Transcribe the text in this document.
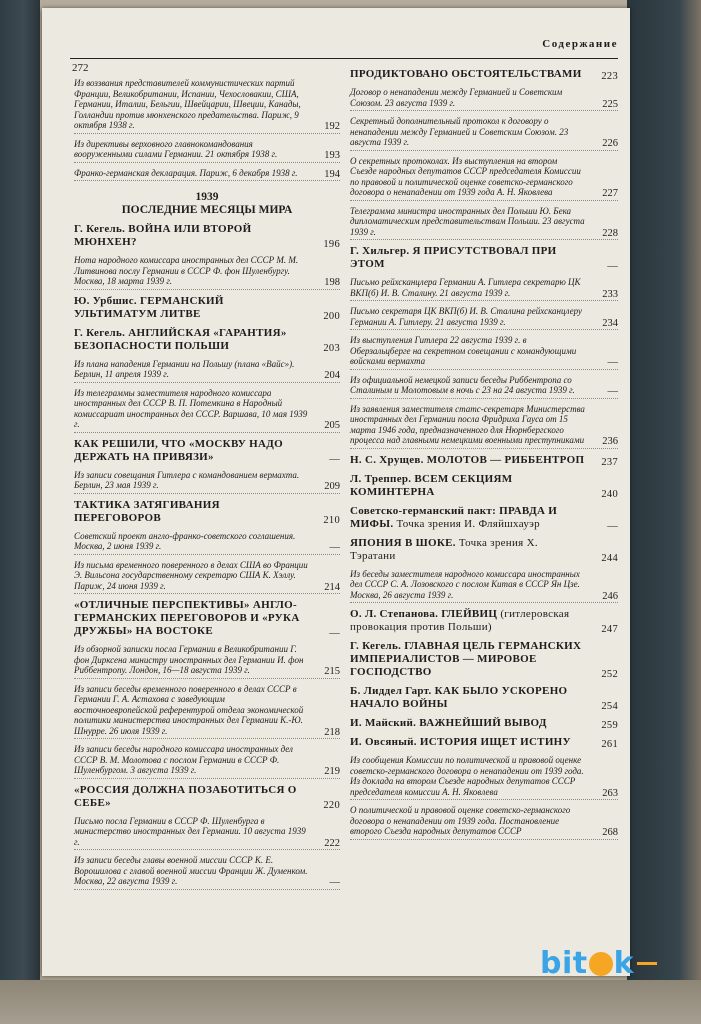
Содержание
272
Из воззвания представителей коммунистических партий Франции, Великобритании, Испании, Чехословакии, США, Германии, Италии, Бельгии, Швейцарии, Швеции, Канады, Голландии против мюнхенского предательства. Париж, 9 октября 1938 г.	192
Из директивы верховного главнокомандования вооруженными силами Германии. 21 октября 1938 г.	193
Франко-германская декларация. Париж, 6 декабря 1938 г.	194
1939
ПОСЛЕДНИЕ МЕСЯЦЫ МИРА
Г. Кегель. ВОЙНА ИЛИ ВТОРОЙ МЮНХЕН?	196
Нота народного комиссара иностранных дел СССР М. М. Литвинова послу Германии в СССР Ф. фон Шуленбургу. Москва, 18 марта 1939 г.	198
Ю. Урбшис. ГЕРМАНСКИЙ УЛЬТИМАТУМ ЛИТВЕ	200
Г. Кегель. АНГЛИЙСКАЯ «ГАРАНТИЯ» БЕЗОПАСНОСТИ ПОЛЬШИ	203
Из плана нападения Германии на Польшу (плана «Вайс»). Берлин, 11 апреля 1939 г.	204
Из телеграммы заместителя народного комиссара иностранных дел СССР В. П. Потемкина в Народный комиссариат иностранных дел СССР. Варшава, 10 мая 1939 г.	205
КАК РЕШИЛИ, ЧТО «МОСКВУ НАДО ДЕРЖАТЬ НА ПРИВЯЗИ»	—
Из записи совещания Гитлера с командованием вермахта. Берлин, 23 мая 1939 г.	209
ТАКТИКА ЗАТЯГИВАНИЯ ПЕРЕГОВОРОВ	210
Советский проект англо-франко-советского соглашения. Москва, 2 июня 1939 г.	—
Из письма временного поверенного в делах США во Франции Э. Вильсона государственному секретарю США К. Хэллу. Париж, 24 июня 1939 г.	214
«ОТЛИЧНЫЕ ПЕРСПЕКТИВЫ» АНГЛО-ГЕРМАНСКИХ ПЕРЕГОВОРОВ И «РУКА ДРУЖБЫ» НА ВОСТОКЕ	—
Из обзорной записки посла Германии в Великобритании Г. фон Дирксена министру иностранных дел Германии И. фон Риббентропу. Лондон, 16—18 августа 1939 г.	215
Из записи беседы временного поверенного в делах СССР в Германии Г. А. Астахова с заведующим восточноевропейской референтурой отдела экономической политики министерства иностранных дел Германии К.-Ю. Шнурре. 26 июля 1939 г.	218
Из записи беседы народного комиссара иностранных дел СССР В. М. Молотова с послом Германии в СССР Ф. Шуленбургом. 3 августа 1939 г.	219
«РОССИЯ ДОЛЖНА ПОЗАБОТИТЬСЯ О СЕБЕ»	220
Письмо посла Германии в СССР Ф. Шуленбурга в министерство иностранных дел Германии. 10 августа 1939 г.	222
Из записи беседы главы военной миссии СССР К. Е. Ворошилова с главой военной миссии Франции Ж. Думенком. Москва, 22 августа 1939 г.	—
ПРОДИКТОВАНО ОБСТОЯТЕЛЬСТВАМИ 223
Договор о ненападении между Германией и Советским Союзом. 23 августа 1939 г.	225
Секретный дополнительный протокол к договору о ненападении между Германией и Советским Союзом. 23 августа 1939 г.	226
О секретных протоколах. Из выступления на втором Съезде народных депутатов СССР председателя Комиссии по правовой и политической оценке советско-германского договора о ненападении от 1939 года А. Н. Яковлева	227
Телеграмма министра иностранных дел Польши Ю. Бека дипломатическим представительствам Польши. 23 августа 1939 г.	228
Г. Хильгер. Я ПРИСУТСТВОВАЛ ПРИ ЭТОМ	—
Письмо рейхсканцлера Германии А. Гитлера секретарю ЦК ВКП(б) И. В. Сталину. 21 августа 1939 г.	233
Письмо секретаря ЦК ВКП(б) И. В. Сталина рейхсканцлеру Германии А. Гитлеру. 21 августа 1939 г.	234
Из выступления Гитлера 22 августа 1939 г. в Оберзальцберге на секретном совещании с командующими войсками вермахта	—
Из официальной немецкой записи беседы Риббентропа со Сталиным и Молотовым в ночь с 23 на 24 августа 1939 г.	—
Из заявления заместителя статс-секретаря Министерства иностранных дел Германии посла Фридриха Гауса от 15 марта 1946 года, предназначенного для Нюрнбергского процесса над главными немецкими военными преступниками 236
Н. С. Хрущев. МОЛОТОВ — РИББЕНТРОП 237
Л. Треппер. ВСЕМ СЕКЦИЯМ КОМИНТЕРНА	240
Советско-германский пакт: ПРАВДА И МИФЫ. Точка зрения И. Фляйшхауэр	—
ЯПОНИЯ В ШОКЕ. Точка зрения Х. Тэратани	244
Из беседы заместителя народного комиссара иностранных дел СССР С. А. Лозовского с послом Китая в СССР Ян Цзе. Москва, 26 августа 1939 г.	246
О. Л. Степанова. ГЛЕЙВИЦ (гитлеровская провокация против Польши)	247
Г. Кегель. ГЛАВНАЯ ЦЕЛЬ ГЕРМАНСКИХ ИМПЕРИАЛИСТОВ — МИРОВОЕ ГОСПОДСТВО	252
Б. Лиддел Гарт. КАК БЫЛО УСКОРЕНО НАЧАЛО ВОЙНЫ	254
И. Майский. ВАЖНЕЙШИЙ ВЫВОД	259
И. Овсяный. ИСТОРИЯ ИЩЕТ ИСТИНУ	261
Из сообщения Комиссии по политической и правовой оценке советско-германского договора о ненападении от 1939 года. Из доклада на втором Съезде народных депутатов СССР председателя комиссии А. Н. Яковлева	263
О политической и правовой оценке советско-германского договора о ненападении от 1939 года. Постановление второго Съезда народных депутатов СССР	268
bit k
